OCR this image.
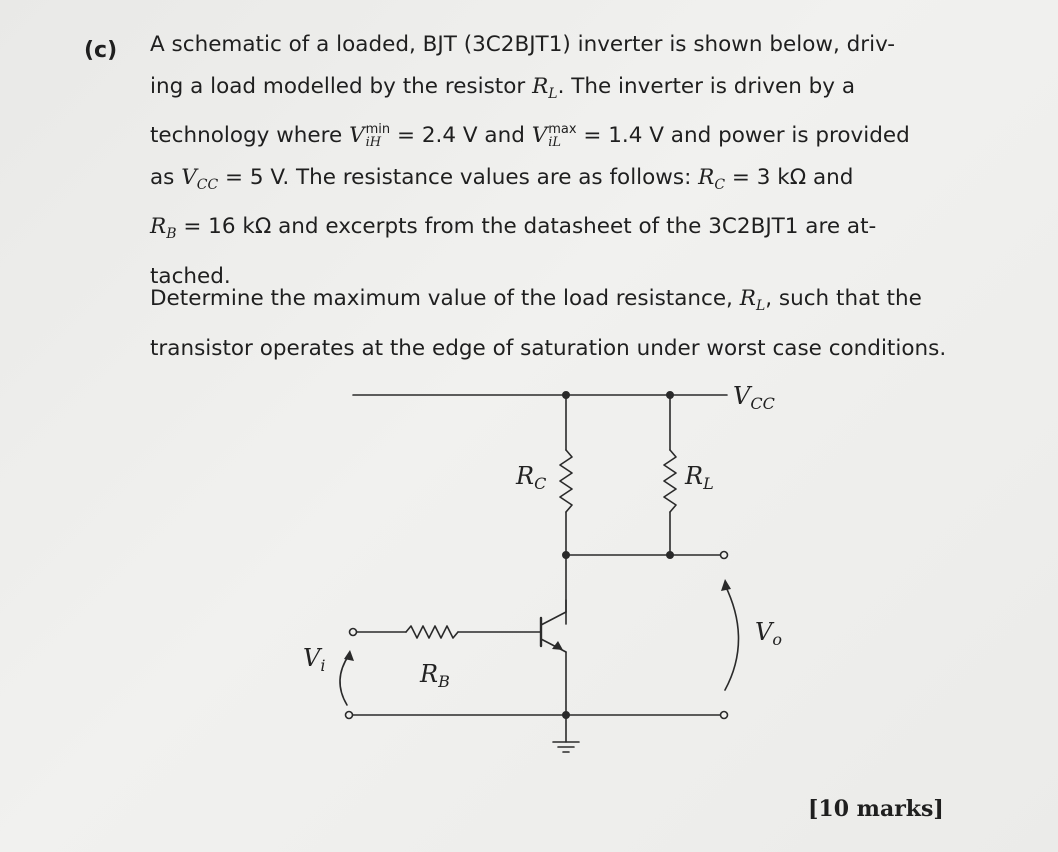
(c) A schematic of a loaded, BJT (3C2BJT1) inverter is shown below, driv-
ing a load modelled by the resistor $R_L$. The inverter is driven by a
technology where V min
iH = 2.4 V and V max
iL = 1.4 V and power is provided
as $V_{CC} = 5$ V. The resistance values are as follows: $R_C = 3$ kΩ and
$R_B = 16$ kΩ and excerpts from the datasheet of the 3C2BJT1 are at-
tached.
Determine the maximum value of the load resistance, $R_L$, such that the
transistor operates at the edge of saturation under worst case conditions.
$V_{CC}$
$R_C$	$R_L$
$R_B$
$V_i$
$V_o$
[10 marks]
